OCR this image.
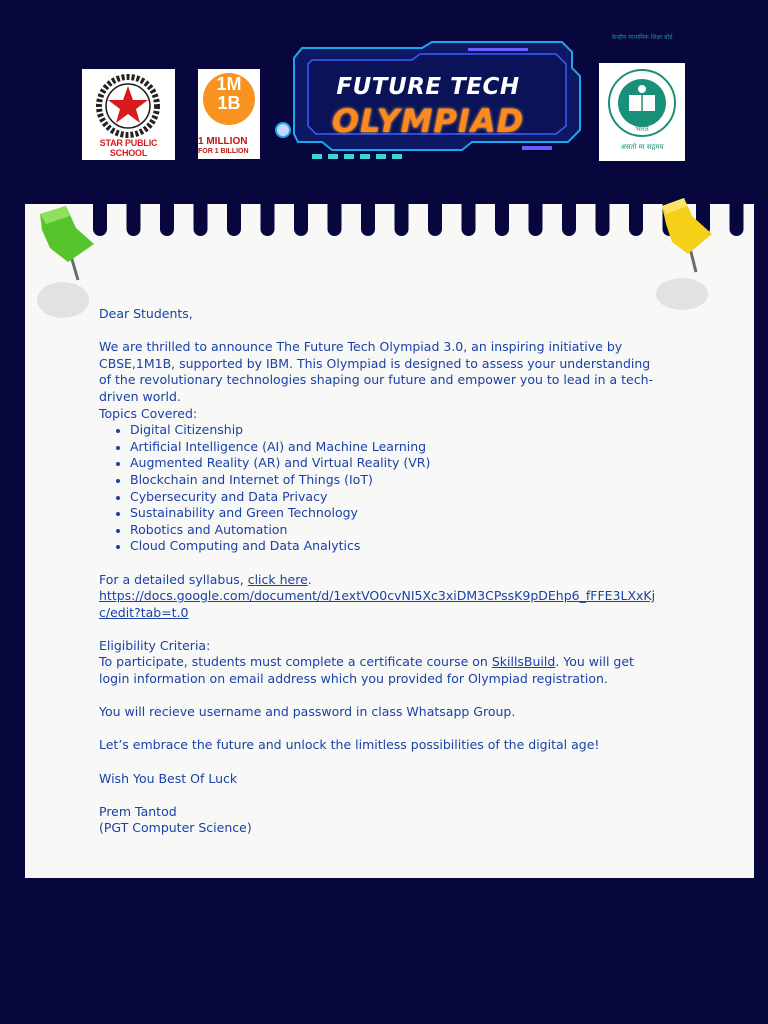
STAR PUBLIC SCHOOL
1M
1B
1 MILLION
FOR 1 BILLION
FUTURE TECH
OLYMPIAD	भारत
असतो मा सद्गमय
केन्द्रीय माध्यमिक शिक्षा बोर्ड

Dear Students,

We are thrilled to announce The Future Tech Olympiad 3.0, an inspiring initiative by CBSE,1M1B, supported by IBM. This Olympiad is designed to assess your understanding of the revolutionary technologies shaping our future and empower you to lead in a tech-driven world.

Topics Covered:

Digital Citizenship
Artificial Intelligence (AI) and Machine Learning
Augmented Reality (AR) and Virtual Reality (VR)
Blockchain and Internet of Things (IoT)
Cybersecurity and Data Privacy
Sustainability and Green Technology
Robotics and Automation
Cloud Computing and Data Analytics

For a detailed syllabus, click here.

https://docs.google.com/document/d/1extVO0cvNI5Xc3xiDM3CPssK9pDEhp6_fFFE3LXxKjc/edit?tab=t.0

Eligibility Criteria:

To participate, students must complete a certificate course on SkillsBuild. You will get login information on email address which you provided for Olympiad registration.

You will recieve username and password in class Whatsapp Group.

Let’s embrace the future and unlock the limitless possibilities of the digital age!

Wish You Best Of Luck

Prem Tantod

(PGT Computer Science)
